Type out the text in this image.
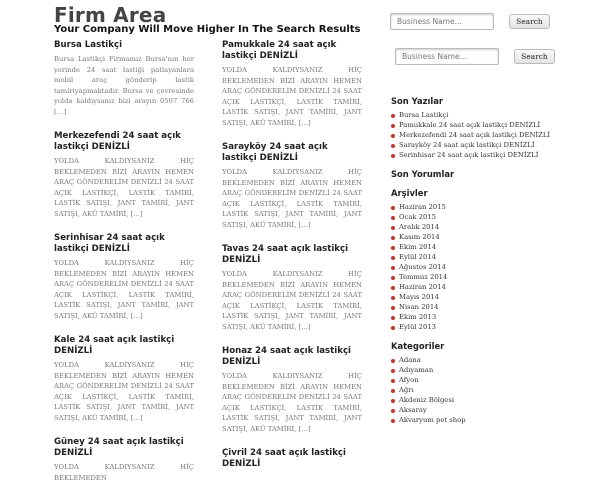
Firm Area
Your Company Will Move Higher In The Search Results
Business Name... Search
Business Name... Search
Bursa Lastikçi

Bursa Lastikçi Firmamız Bursa'nın her yerinde 24 saat lastiği patlayanlara mobil araç gönderip lastik tamiriyapmaktadır. Bursa ve çevresinde yolda kaldıysanız bizi arayın 0507 766 […]

Merkezefendi 24 saat açık lastikçi DENİZLİ

YOLDA KALDIYSANIZ HİÇ BEKLEMEDEN BİZİ ARAYIN HEMEN ARAÇ GÖNDERELİM DENİZLİ 24 SAAT AÇIK LASTİKÇİ, LASTİK TAMİRİ, LASTİK SATIŞI, JANT TAMİRİ, JANT SATIŞI, AKÜ TAMİRİ, […]

Serinhisar 24 saat açık lastikçi DENİZLİ

YOLDA KALDIYSANIZ HİÇ BEKLEMEDEN BİZİ ARAYIN HEMEN ARAÇ GÖNDERELİM DENİZLİ 24 SAAT AÇIK LASTİKÇİ, LASTİK TAMİRİ, LASTİK SATIŞI, JANT TAMİRİ, JANT SATIŞI, AKÜ TAMİRİ, […]

Kale 24 saat açık lastikçi DENİZLİ

YOLDA KALDIYSANIZ HİÇ BEKLEMEDEN BİZİ ARAYIN HEMEN ARAÇ GÖNDERELİM DENİZLİ 24 SAAT AÇIK LASTİKÇİ, LASTİK TAMİRİ, LASTİK SATIŞI, JANT TAMİRİ, JANT SATIŞI, AKÜ TAMİRİ, […]

Güney 24 saat açık lastikçi DENİZLİ

YOLDA KALDIYSANIZ HİÇ BEKLEMEDEN

Pamukkale 24 saat açık lastikçi DENİZLİ

YOLDA KALDIYSANIZ HİÇ BEKLEMEDEN BİZİ ARAYIN HEMEN ARAÇ GÖNDERELİM DENİZLİ 24 SAAT AÇIK LASTİKÇİ, LASTİK TAMİRİ, LASTİK SATIŞI, JANT TAMİRİ, JANT SATIŞI, AKÜ TAMİRİ, […]

Sarayköy 24 saat açık lastikçi DENİZLİ

YOLDA KALDIYSANIZ HİÇ BEKLEMEDEN BİZİ ARAYIN HEMEN ARAÇ GÖNDERELİM DENİZLİ 24 SAAT AÇIK LASTİKÇİ, LASTİK TAMİRİ, LASTİK SATIŞI, JANT TAMİRİ, JANT SATIŞI, AKÜ TAMİRİ, […]

Tavas 24 saat açık lastikçi DENİZLİ

YOLDA KALDIYSANIZ HİÇ BEKLEMEDEN BİZİ ARAYIN HEMEN ARAÇ GÖNDERELİM DENİZLİ 24 SAAT AÇIK LASTİKÇİ, LASTİK TAMİRİ, LASTİK SATIŞI, JANT TAMİRİ, JANT SATIŞI, AKÜ TAMİRİ, […]

Honaz 24 saat açık lastikçi DENİZLİ

YOLDA KALDIYSANIZ HİÇ BEKLEMEDEN BİZİ ARAYIN HEMEN ARAÇ GÖNDERELİM DENİZLİ 24 SAAT AÇIK LASTİKÇİ, LASTİK TAMİRİ, LASTİK SATIŞI, JANT TAMİRİ, JANT SATIŞI, AKÜ TAMİRİ, […]

Çivril 24 saat açık lastikçi DENİZLİ

Son Yazılar
Bursa Lastikçi
Pamukkale 24 saat açık lastikçi DENİZLİ
Merkezefendi 24 saat açık lastikçi DENİZLİ
Sarayköy 24 saat açık lastikçi DENİZLİ
Serinhisar 24 saat açık lastikçi DENİZLİ
Son Yorumlar
Arşivler
Haziran 2015
Ocak 2015
Aralık 2014
Kasım 2014
Ekim 2014
Eylül 2014
Ağustos 2014
Temmuz 2014
Haziran 2014
Mayıs 2014
Nisan 2014
Ekim 2013
Eylül 2013
Kategoriler
Adana
Adıyaman
Afyon
Ağrı
Akdeniz Bölgesi
Aksaray
Akvaryum pet shop
